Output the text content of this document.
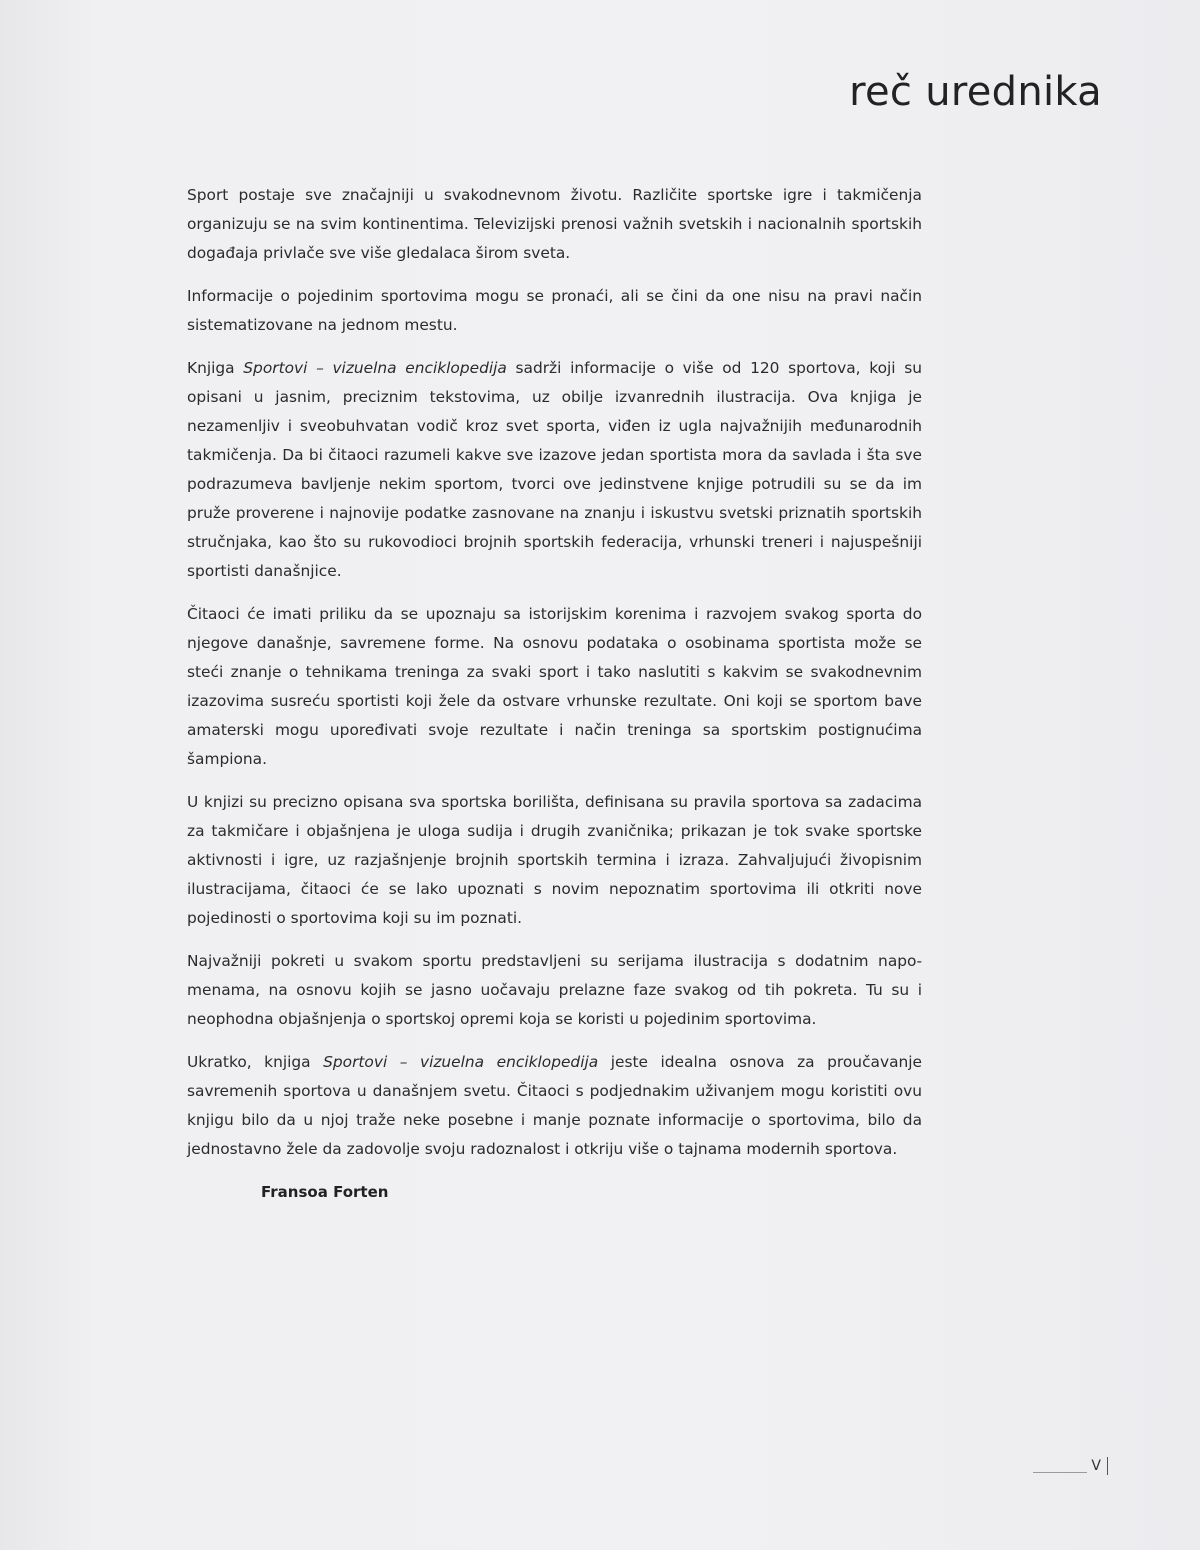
reč urednika

Sport postaje sve značajniji u svakodnevnom životu. Različite sportske igre i takmičenja organizuju se na svim kontinentima. Televizijski prenosi važnih svetskih i nacionalnih sportskih događaja privlače sve više gledalaca širom sveta.

Informacije o pojedinim sportovima mogu se pronaći, ali se čini da one nisu na pravi način sistematizovane na jednom mestu.

Knjiga Sportovi – vizuelna enciklopedija sadrži informacije o više od 120 sportova, koji su opisani u jasnim, preciznim tekstovima, uz obilje izvanrednih ilustracija. Ova knjiga je nezamenljiv i sveobuhvatan vodič kroz svet sporta, viđen iz ugla najvažnijih međunarodnih takmičenja. Da bi čitaoci razumeli kakve sve izazove jedan sportista mora da savlada i šta sve podrazumeva bavljenje nekim sportom, tvorci ove jedinstvene knjige potrudili su se da im pruže proverene i najnovije podatke zasnovane na znanju i iskustvu svetski priznatih sportskih stručnjaka, kao što su rukovodioci brojnih sportskih federacija, vrhunski treneri i najuspešniji sportisti današnjice.

Čitaoci će imati priliku da se upoznaju sa istorijskim korenima i razvojem svakog sporta do njegove današnje, savremene forme. Na osnovu podataka o osobinama sportista može se steći znanje o tehnikama treninga za svaki sport i tako naslutiti s kakvim se svakodnevnim izazovima susreću sportisti koji žele da ostvare vrhunske rezultate. Oni koji se sportom bave amaterski mogu upoređivati svoje rezultate i način treninga sa sportskim postignućima šampiona.

U knjizi su precizno opisana sva sportska borilišta, definisana su pravila sportova sa zadacima za takmičare i objašnjena je uloga sudija i drugih zvaničnika; prikazan je tok svake sportske aktivnosti i igre, uz razjašnjenje brojnih sportskih termina i izraza. Zahvaljujući živopisnim ilustracijama, čitaoci će se lako upoznati s novim nepoznatim sportovima ili otkriti nove pojedinosti o sportovima koji su im poznati.

Najvažniji pokreti u svakom sportu predstavljeni su serijama ilustracija s dodatnim napomenama, na osnovu kojih se jasno uočavaju prelazne faze svakog od tih pokreta. Tu su i neophodna objašnjenja o sportskoj opremi koja se koristi u pojedinim sportovima.

Ukratko, knjiga Sportovi – vizuelna enciklopedija jeste idealna osnova za proučavanje savremenih sportova u današnjem svetu. Čitaoci s podjednakim uživanjem mogu koristiti ovu knjigu bilo da u njoj traže neke posebne i manje poznate informacije o sportovima, bilo da jednostavno žele da zadovolje svoju radoznalost i otkriju više o tajnama modernih sportova.

Fransoa Forten
V
